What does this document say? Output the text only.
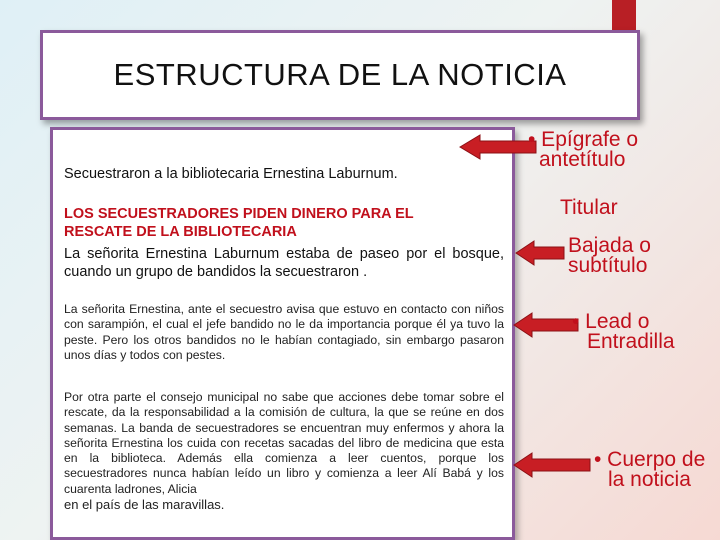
ESTRUCTURA DE LA NOTICIA
Secuestraron a la bibliotecaria Ernestina Laburnum.
LOS SECUESTRADORES PIDEN DINERO PARA EL
RESCATE DE LA BIBLIOTECARIA
La señorita Ernestina Laburnum estaba de paseo por el bosque, cuando un grupo de bandidos la secuestraron .
La señorita Ernestina, ante el secuestro avisa que estuvo en contacto con niños con sarampión, el cual el jefe bandido no le da importancia porque él ya tuvo la peste. Pero los otros bandidos no le habían contagiado, sin embargo pasaron unos días y todos con pestes.
Por otra parte el consejo municipal no sabe que acciones debe tomar sobre el rescate, da la responsabilidad a la comisión de cultura, la que se reúne en dos semanas. La banda de secuestradores se encuentran muy enfermos y ahora la señorita Ernestina los cuida con recetas sacadas del libro de medicina que esta en la biblioteca. Además ella comienza a leer cuentos, porque los secuestradores nunca habían leído un libro y comienza a leer Alí Babá y los cuarenta ladrones, Alicia
en el país de las maravillas.
• Epígrafe o
antetítulo
Titular
Bajada o
subtítulo
• Lead o
Entradilla
• Cuerpo de
la noticia
